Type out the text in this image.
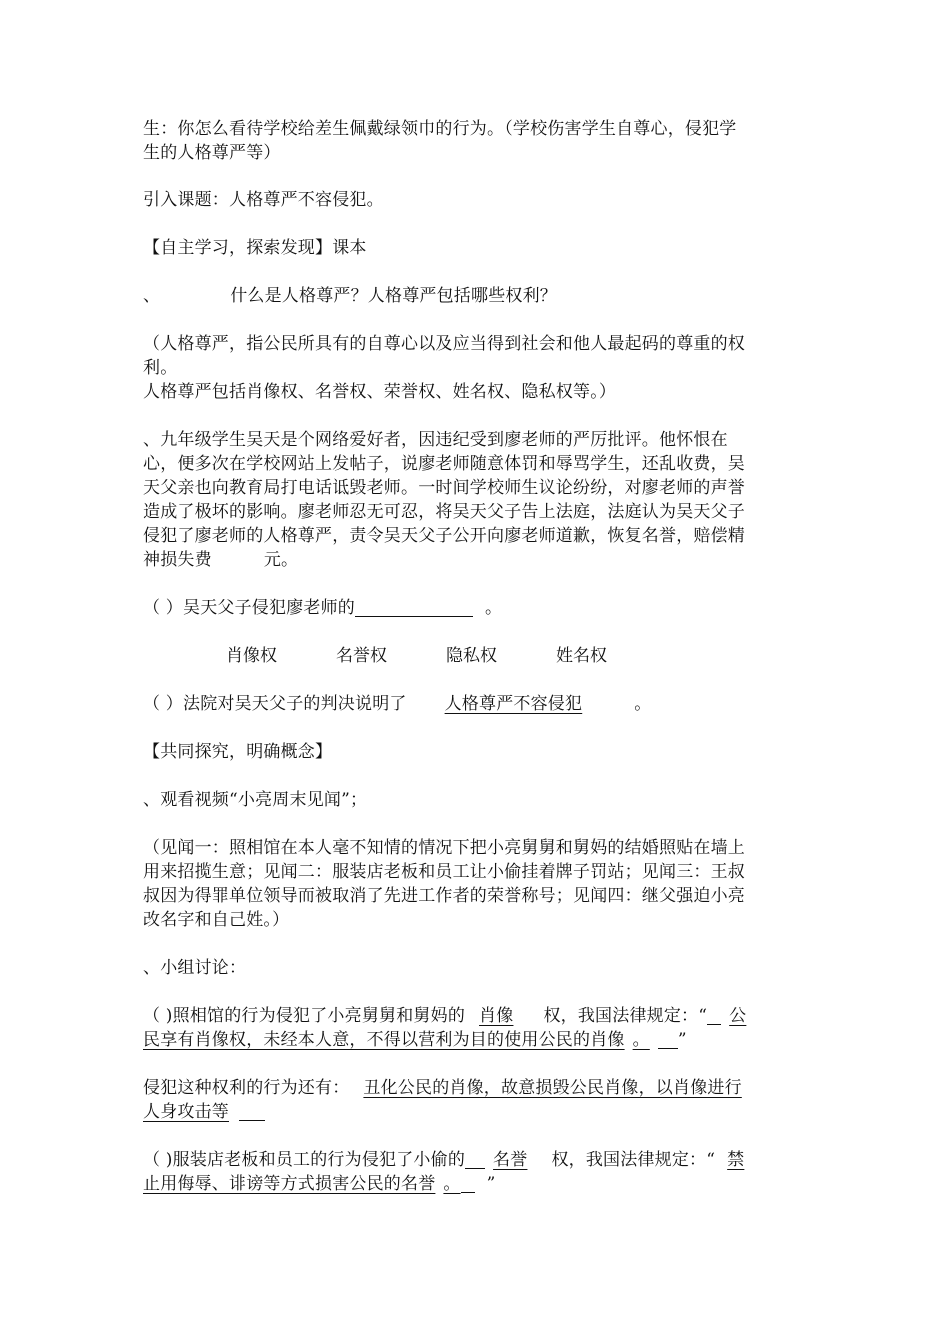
生：你怎么看待学校给差生佩戴绿领巾的行为。（学校伤害学生自尊心，侵犯学
生的人格尊严等）
引入课题：人格尊严不容侵犯。
【自主学习，探索发现】课本
、	什么是人格尊严？人格尊严包括哪些权利？
（人格尊严，指公民所具有的自尊心以及应当得到社会和他人最起码的尊重的权
利。
人格尊严包括肖像权、名誉权、荣誉权、姓名权、隐私权等。）
、九年级学生吴天是个网络爱好者，因违纪受到廖老师的严厉批评。他怀恨在
心，便多次在学校网站上发帖子，说廖老师随意体罚和辱骂学生，还乱收费，吴
天父亲也向教育局打电话诋毁老师。一时间学校师生议论纷纷，对廖老师的声誉
造成了极坏的影响。廖老师忍无可忍，将吴天父子告上法庭，法庭认为吴天父子
侵犯了廖老师的人格尊严，责令吴天父子公开向廖老师道歉，恢复名誉，赔偿精
神损失费	元。
（ ）吴天父子侵犯廖老师的	。
肖像权	名誉权	隐私权	姓名权
（ ）法院对吴天父子的判决说明了 人格尊严不容侵犯	。
【共同探究，明确概念】
、观看视频“小亮周末见闻”；
（见闻一：照相馆在本人毫不知情的情况下把小亮舅舅和舅妈的结婚照贴在墙上
用来招揽生意；见闻二：服装店老板和员工让小偷挂着牌子罚站；见闻三：王叔
叔因为得罪单位领导而被取消了先进工作者的荣誉称号；见闻四：继父强迫小亮
改名字和自己姓。）
、小组讨论：
（ )照相馆的行为侵犯了小亮舅舅和舅妈的 肖像 权，我国法律规定：“ 公
民享有肖像权，未经本人意，不得以营利为目的使用公民的肖像 。 ”
侵犯这种权利的行为还有： 丑化公民的肖像，故意损毁公民肖像，以肖像进行
人身攻击等
（ )服装店老板和员工的行为侵犯了小偷的 名誉 权，我国法律规定：“ 禁
止用侮辱、诽谤等方式损害公民的名誉 。 ”
